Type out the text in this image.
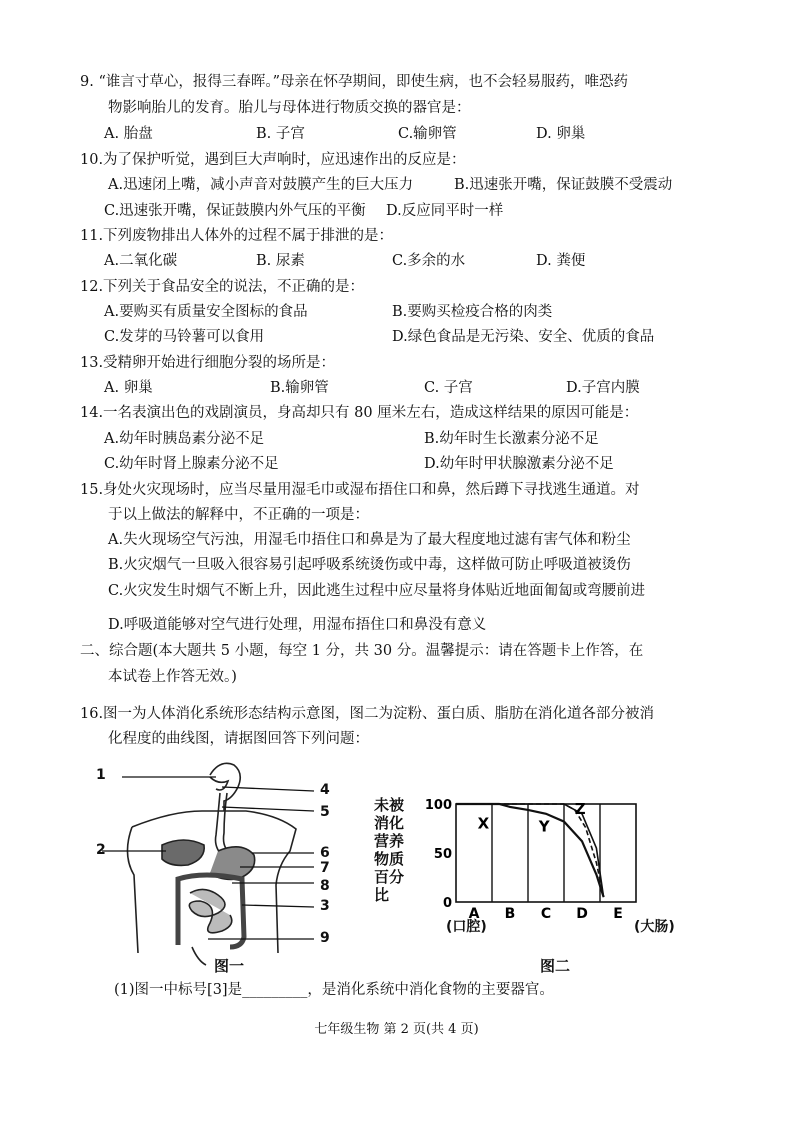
9. “谁言寸草心，报得三春晖。”母亲在怀孕期间，即使生病，也不会轻易服药，唯恐药
物影响胎儿的发育。胎儿与母体进行物质交换的器官是：
A. 胎盘	B. 子宫	C.输卵管	D. 卵巢
10.为了保护听觉，遇到巨大声响时，应迅速作出的反应是：
A.迅速闭上嘴，减小声音对鼓膜产生的巨大压力	B.迅速张开嘴，保证鼓膜不受震动
C.迅速张开嘴，保证鼓膜内外气压的平衡 D.反应同平时一样
11.下列废物排出人体外的过程不属于排泄的是：
A.二氧化碳	B. 尿素	C.多余的水	D. 粪便
12.下列关于食品安全的说法，不正确的是：
A.要购买有质量安全图标的食品	B.要购买检疫合格的肉类
C.发芽的马铃薯可以食用	D.绿色食品是无污染、安全、优质的食品
13.受精卵开始进行细胞分裂的场所是：
A. 卵巢	B.输卵管	C. 子宫	D.子宫内膜
14.一名表演出色的戏剧演员，身高却只有 80 厘米左右，造成这样结果的原因可能是：
A.幼年时胰岛素分泌不足	B.幼年时生长激素分泌不足
C.幼年时肾上腺素分泌不足	D.幼年时甲状腺激素分泌不足
15.身处火灾现场时，应当尽量用湿毛巾或湿布捂住口和鼻，然后蹲下寻找逃生通道。对
于以上做法的解释中，不正确的一项是：
A.失火现场空气污浊，用湿毛巾捂住口和鼻是为了最大程度地过滤有害气体和粉尘
B.火灾烟气一旦吸入很容易引起呼吸系统烫伤或中毒，这样做可防止呼吸道被烫伤
C.火灾发生时烟气不断上升，因此逃生过程中应尽量将身体贴近地面匍匐或弯腰前进
D.呼吸道能够对空气进行处理，用湿布捂住口和鼻没有意义
二、综合题(本大题共 5 小题，每空 1 分，共 30 分。温馨提示：请在答题卡上作答，在
本试卷上作答无效。)
16.图一为人体消化系统形态结构示意图，图二为淀粉、蛋白质、脂肪在消化道各部分被消
化程度的曲线图，请据图回答下列问题：
1
2
3
4
5
6
7
8
9
图一
未被
消化
营养
物质
百分
比
A B C D E
100
50
0
X	Y
Z
(口腔)	(大肠)
图二
(1)图一中标号[3]是_________，是消化系统中消化食物的主要器官。
七年级生物 第 2 页(共 4 页)
